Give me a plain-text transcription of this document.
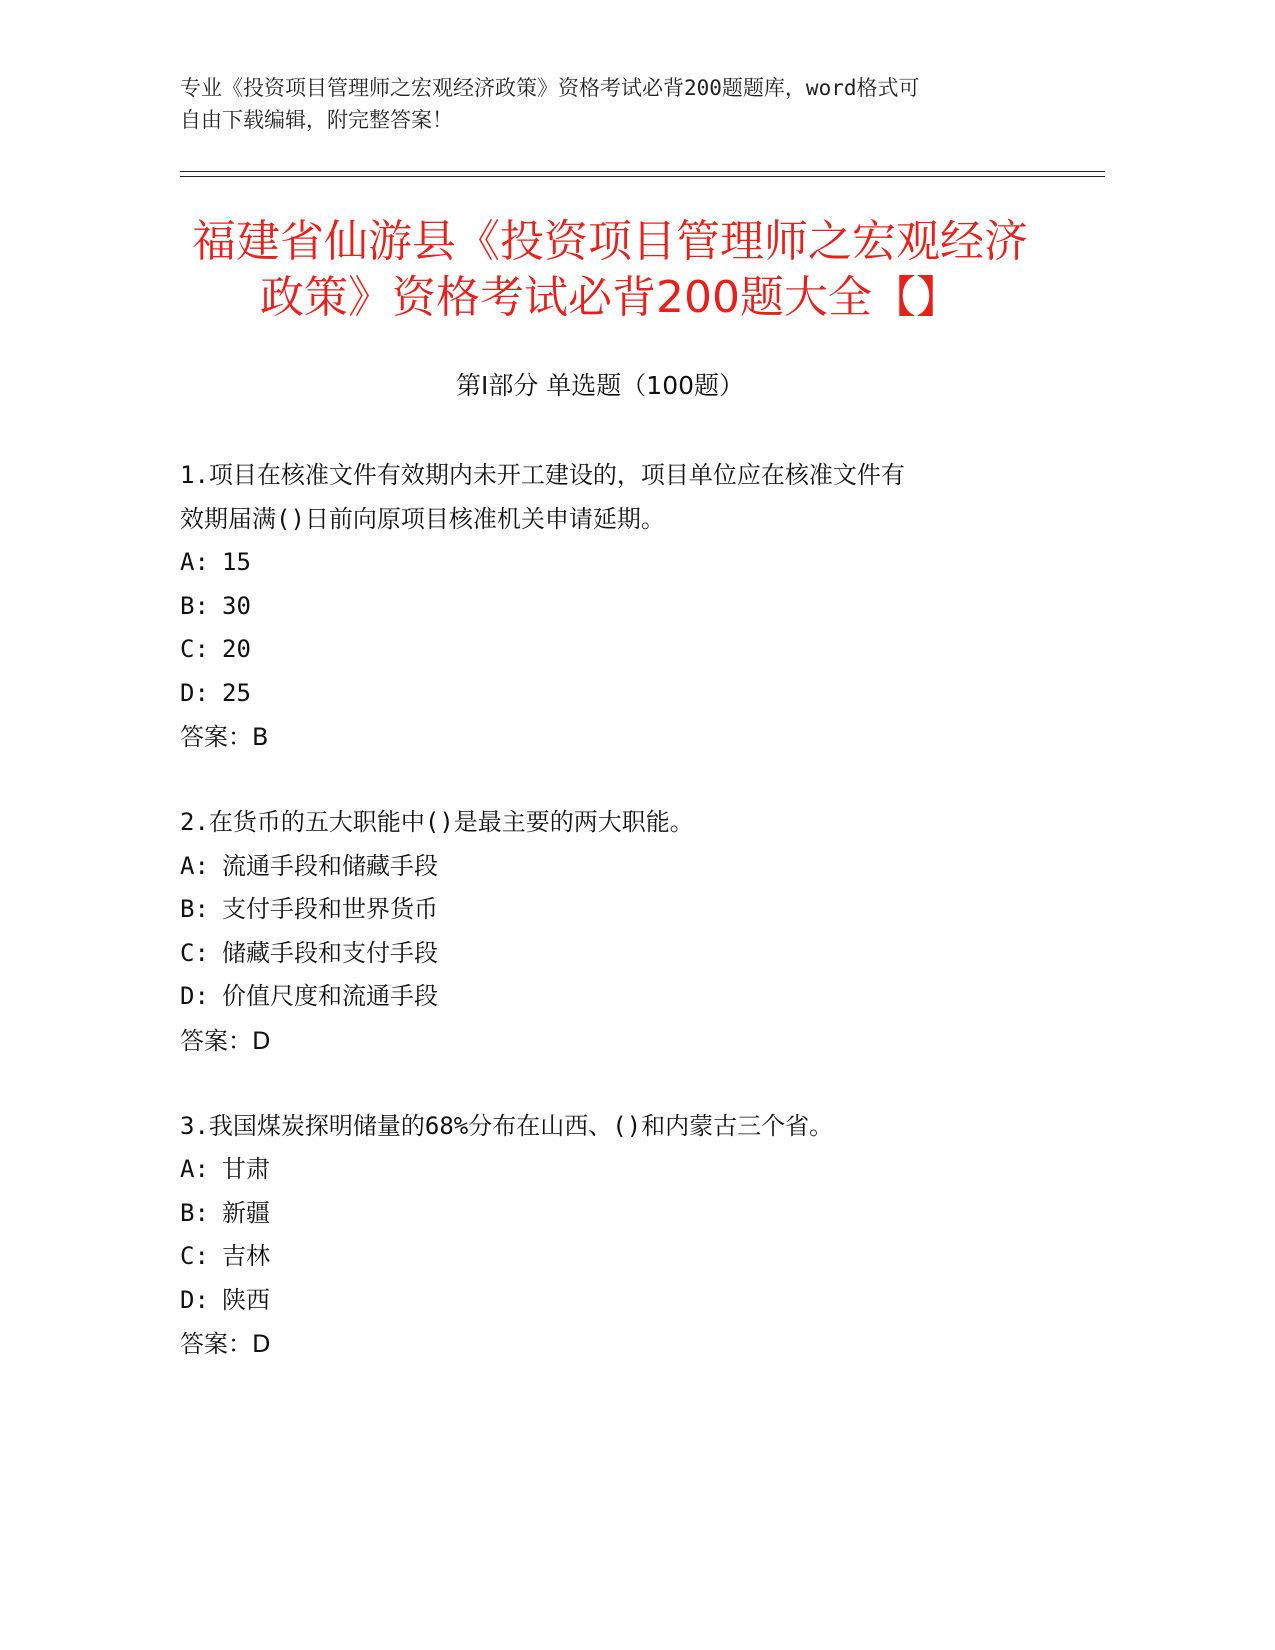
专业《投资项目管理师之宏观经济政策》资格考试必背200题题库，word格式可
自由下载编辑，附完整答案！
福建省仙游县《投资项目管理师之宏观经济
政策》资格考试必背200题大全【】
第I部分 单选题（100题）
1.项目在核准文件有效期内未开工建设的，项目单位应在核准文件有
效期届满()日前向原项目核准机关申请延期。
A: 15
B: 30
C: 20
D: 25
答案：B
2.在货币的五大职能中()是最主要的两大职能。
A: 流通手段和储藏手段
B: 支付手段和世界货币
C: 储藏手段和支付手段
D: 价值尺度和流通手段
答案：D
3.我国煤炭探明储量的68%分布在山西、()和内蒙古三个省。
A: 甘肃
B: 新疆
C: 吉林
D: 陕西
答案：D
